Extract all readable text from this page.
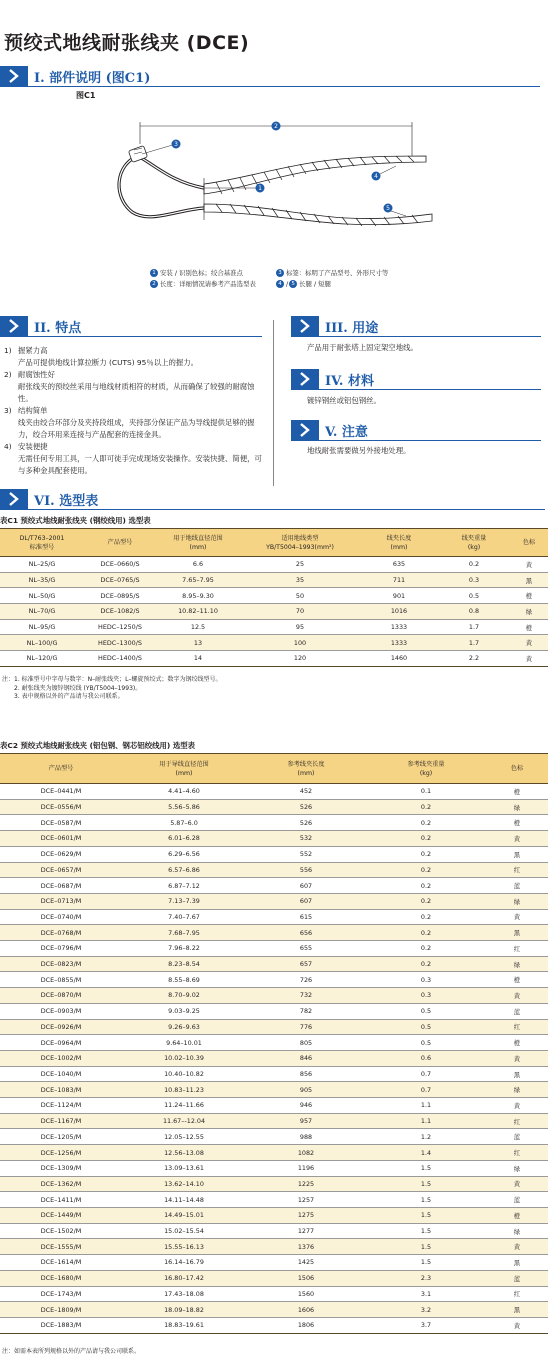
预绞式地线耐张线夹 (DCE)
I. 部件说明 (图C1)
图C1
3
2
1
4
5
1 安装 / 识别色标；绞合基准点
2 长度：详细情况请参考产品选型表
3 标签：标明了产品型号、外形尺寸等
4 / 5 长腿 / 短腿
II. 特点
1) 握紧力高
产品可提供地线计算拉断力 (CUTS) 95％以上的握力。
2) 耐腐蚀性好
耐张线夹的预绞丝采用与地线材质相符的材质，从而确保了较强的耐腐蚀性。
3) 结构简单
线夹由绞合环部分及夹持段组成，夹持部分保证产品为导线提供足够的握力，绞合环用来连接与产品配套的连接金具。
4) 安装便捷
无需任何专用工具，一人即可徒手完成现场安装操作。安装快捷、简便，可与多种金具配套使用。
III. 用途
产品用于耐张塔上固定架空地线。
IV. 材料
镀锌钢丝或铝包钢丝。
V. 注意
地线耐张需要做另外接地处理。
VI. 选型表
表C1 预绞式地线耐张线夹 (钢绞线用) 选型表
DL/T763–2001
标准型号	产品型号	用于地线直径范围
(mm)	适用地线类型
YB/T5004–1993(mm²)	线夹长度
(mm)	线夹重量
(kg)	色标
NL–25/G	DCE–0660/S	6.6	25	635	0.2	黄
NL–35/G	DCE–0765/S	7.65–7.95	35	711	0.3	黑
NL–50/G	DCE–0895/S	8.95–9.30	50	901	0.5	橙
NL–70/G	DCE–1082/S	10.82–11.10	70	1016	0.8	绿
NL–95/G	HEDC–1250/S	12.5	95	1333	1.7	橙
NL–100/G	HEDC–1300/S	13	100	1333	1.7	黄
NL–120/G	HEDC–1400/S	14	120	1460	2.2	黄
注：1. 标准型号中字母与数字：N–耐张线夹；L–螺旋预绞式；数字为钢绞线型号。
2. 耐张线夹为镀锌钢绞线 (YB/T5004–1993)。
3. 表中规格以外的产品请与我公司联系。
表C2 预绞式地线耐张线夹 (铝包钢、钢芯铝绞线用) 选型表
产品型号	用于导线直径范围
(mm)	参考线夹长度
(mm)	参考线夹重量
(kg)	色标
DCE–0441/M	4.41–4.60	452	0.1	橙
DCE–0556/M	5.56–5.86	526	0.2	绿
DCE–0587/M	5.87–6.0	526	0.2	橙
DCE–0601/M	6.01–6.28	532	0.2	黄
DCE–0629/M	6.29–6.56	552	0.2	黑
DCE–0657/M	6.57–6.86	556	0.2	红
DCE–0687/M	6.87–7.12	607	0.2	蓝
DCE–0713/M	7.13–7.39	607	0.2	绿
DCE–0740/M	7.40–7.67	615	0.2	黄
DCE–0768/M	7.68–7.95	656	0.2	黑
DCE–0796/M	7.96–8.22	655	0.2	红
DCE–0823/M	8.23–8.54	657	0.2	绿
DCE–0855/M	8.55–8.69	726	0.3	橙
DCE–0870/M	8.70–9.02	732	0.3	黄
DCE–0903/M	9.03–9.25	782	0.5	蓝
DCE–0926/M	9.26–9.63	776	0.5	红
DCE–0964/M	9.64–10.01	805	0.5	橙
DCE–1002/M	10.02–10.39	846	0.6	黄
DCE–1040/M	10.40–10.82	856	0.7	黑
DCE–1083/M	10.83–11.23	905	0.7	绿
DCE–1124/M	11.24–11.66	946	1.1	黄
DCE–1167/M	11.67–-12.04	957	1.1	红
DCE–1205/M	12.05–12.55	988	1.2	蓝
DCE–1256/M	12.56–13.08	1082	1.4	红
DCE–1309/M	13.09–13.61	1196	1.5	绿
DCE–1362/M	13.62–14.10	1225	1.5	黄
DCE–1411/M	14.11–14.48	1257	1.5	蓝
DCE–1449/M	14.49–15.01	1275	1.5	橙
DCE–1502/M	15.02–15.54	1277	1.5	绿
DCE–1555/M	15.55–16.13	1376	1.5	黄
DCE–1614/M	16.14–16.79	1425	1.5	黑
DCE–1680/M	16.80–17.42	1506	2.3	蓝
DCE–1743/M	17.43–18.08	1560	3.1	红
DCE–1809/M	18.09–18.82	1606	3.2	黑
DCE–1883/M	18.83–19.61	1806	3.7	黄
注：如需本表所列规格以外的产品请与我公司联系。
